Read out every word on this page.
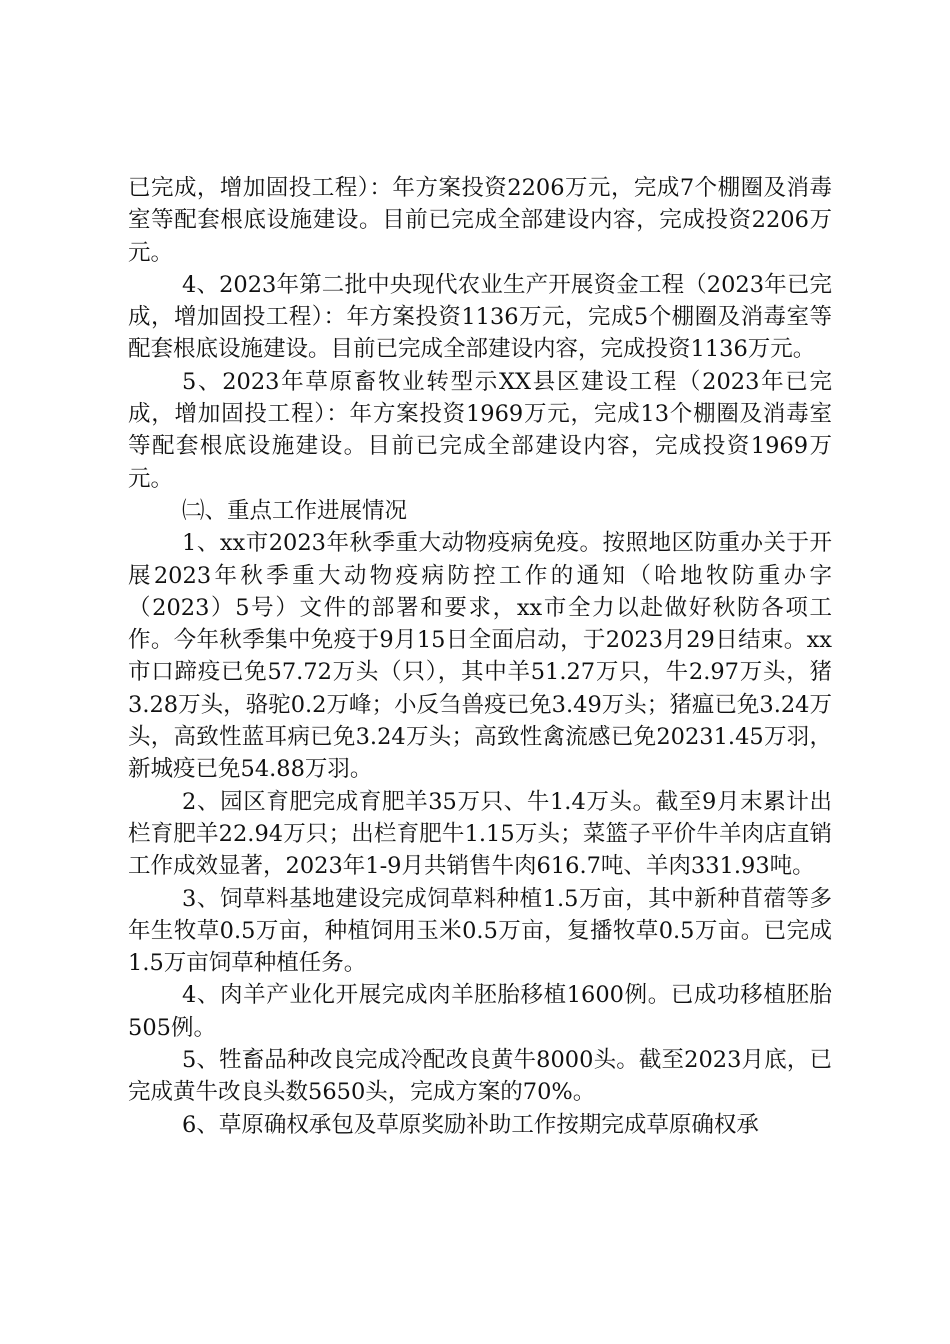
已完成，增加固投工程）：年方案投资2206万元，完成7个棚圈及消毒室等配套根底设施建设。目前已完成全部建设内容，完成投资2206万元。

4、2023年第二批中央现代农业生产开展资金工程（2023年已完成，增加固投工程）：年方案投资1136万元，完成5个棚圈及消毒室等配套根底设施建设。目前已完成全部建设内容，完成投资1136万元。

5、2023年草原畜牧业转型示XX县区建设工程（2023年已完成，增加固投工程）：年方案投资1969万元，完成13个棚圈及消毒室等配套根底设施建设。目前已完成全部建设内容，完成投资1969万元。

㈡、重点工作进展情况

1、xx市2023年秋季重大动物疫病免疫。按照地区防重办关于开展2023年秋季重大动物疫病防控工作的通知（哈地牧防重办字（2023）5号）文件的部署和要求，xx市全力以赴做好秋防各项工作。今年秋季集中免疫于9月15日全面启动，于2023月29日结束。xx市口蹄疫已免57.72万头（只），其中羊51.27万只，牛2.97万头，猪3.28万头，骆驼0.2万峰；小反刍兽疫已免3.49万头；猪瘟已免3.24万头，高致性蓝耳病已免3.24万头；高致性禽流感已免20231.45万羽，新城疫已免54.88万羽。

2、园区育肥完成育肥羊35万只、牛1.4万头。截至9月末累计出栏育肥羊22.94万只；出栏育肥牛1.15万头；菜篮子平价牛羊肉店直销工作成效显著，2023年1-9月共销售牛肉616.7吨、羊肉331.93吨。

3、饲草料基地建设完成饲草料种植1.5万亩，其中新种苜蓿等多年生牧草0.5万亩，种植饲用玉米0.5万亩，复播牧草0.5万亩。已完成1.5万亩饲草种植任务。

4、肉羊产业化开展完成肉羊胚胎移植1600例。已成功移植胚胎505例。

5、牲畜品种改良完成冷配改良黄牛8000头。截至2023月底，已完成黄牛改良头数5650头，完成方案的70%。

6、草原确权承包及草原奖励补助工作按期完成草原确权承
